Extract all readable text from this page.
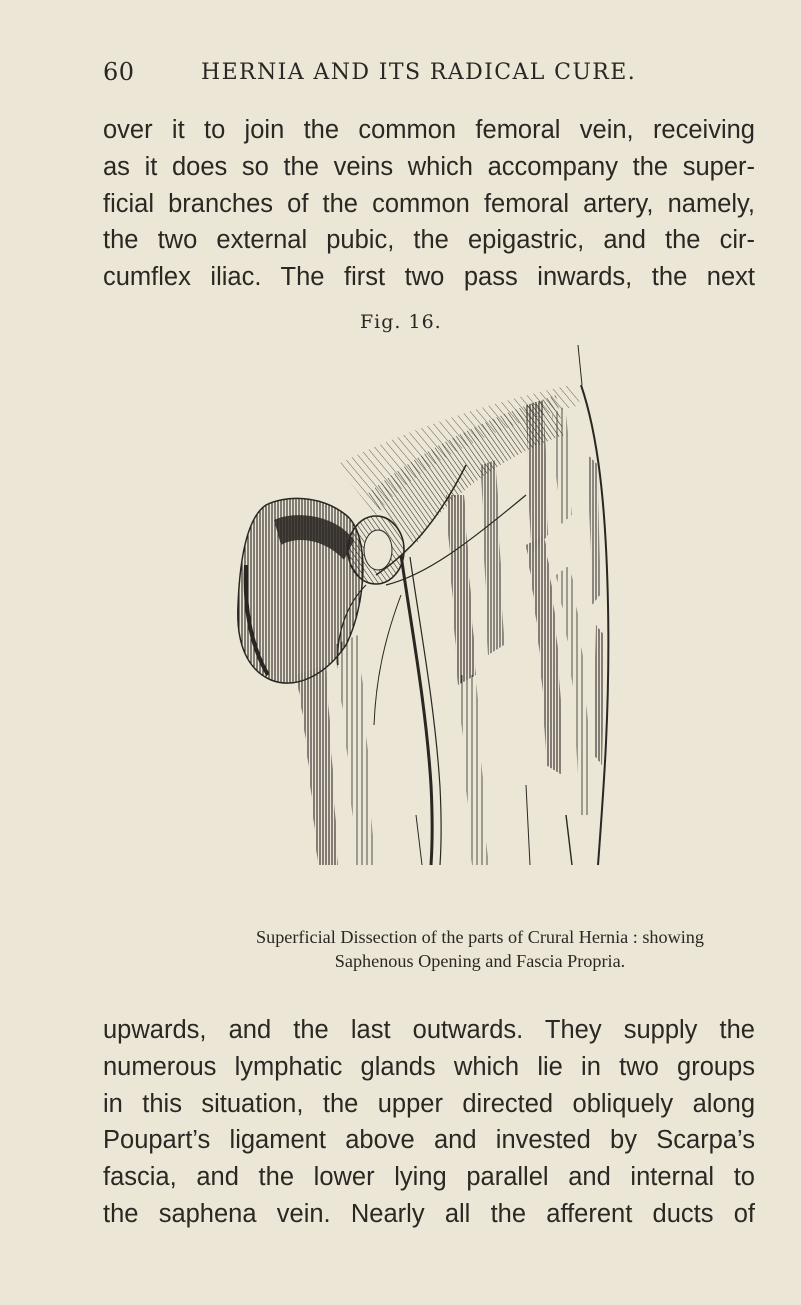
60	HERNIA AND ITS RADICAL CURE.
over it to join the common femoral vein, receiving
as it does so the veins which accompany the super-
ficial branches of the common femoral artery, namely,
the two external pubic, the epigastric, and the cir-
cumflex iliac. The first two pass inwards, the next
Fig. 16.
Superficial Dissection of the parts of Crural Hernia : showing
Saphenous Opening and Fascia Propria.
upwards, and the last outwards. They supply the
numerous lymphatic glands which lie in two groups
in this situation, the upper directed obliquely along
Poupart’s ligament above and invested by Scarpa’s
fascia, and the lower lying parallel and internal to
the saphena vein. Nearly all the afferent ducts of
